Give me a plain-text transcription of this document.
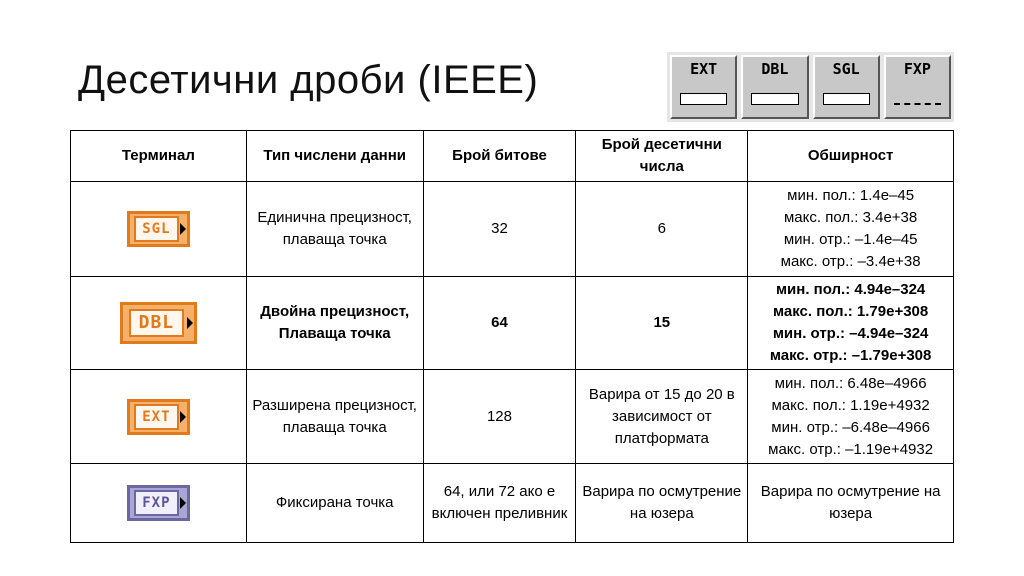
Десетични дроби (IEEE)	EXT	DBL	SGL	FXP
Терминал	Тип числени данни	Брой битове	Брой десетични числа	Обширност
SGL	Единична прецизност, плаваща точка	32	6	мин. пол.: 1.4e–45
макс. пол.: 3.4e+38
мин. отр.: –1.4e–45
макс. отр.: –3.4e+38

DBL	Двойна прецизност, Плаваща точка	64	15	мин. пол.: 4.94e–324
макс. пол.: 1.79e+308
мин. отр.: –4.94e–324
макс. отр.: –1.79e+308

EXT	Разширена прецизност, плаваща точка	128	Варира от 15 до 20 в зависимост от платформата	мин. пол.: 6.48e–4966
макс. пол.: 1.19e+4932
мин. отр.: –6.48e–4966
макс. отр.: –1.19e+4932

FXP	Фиксирана точка	64, или 72 ако е включен преливник	Варира по осмутрение на юзера	Варира по осмутрение на юзера
